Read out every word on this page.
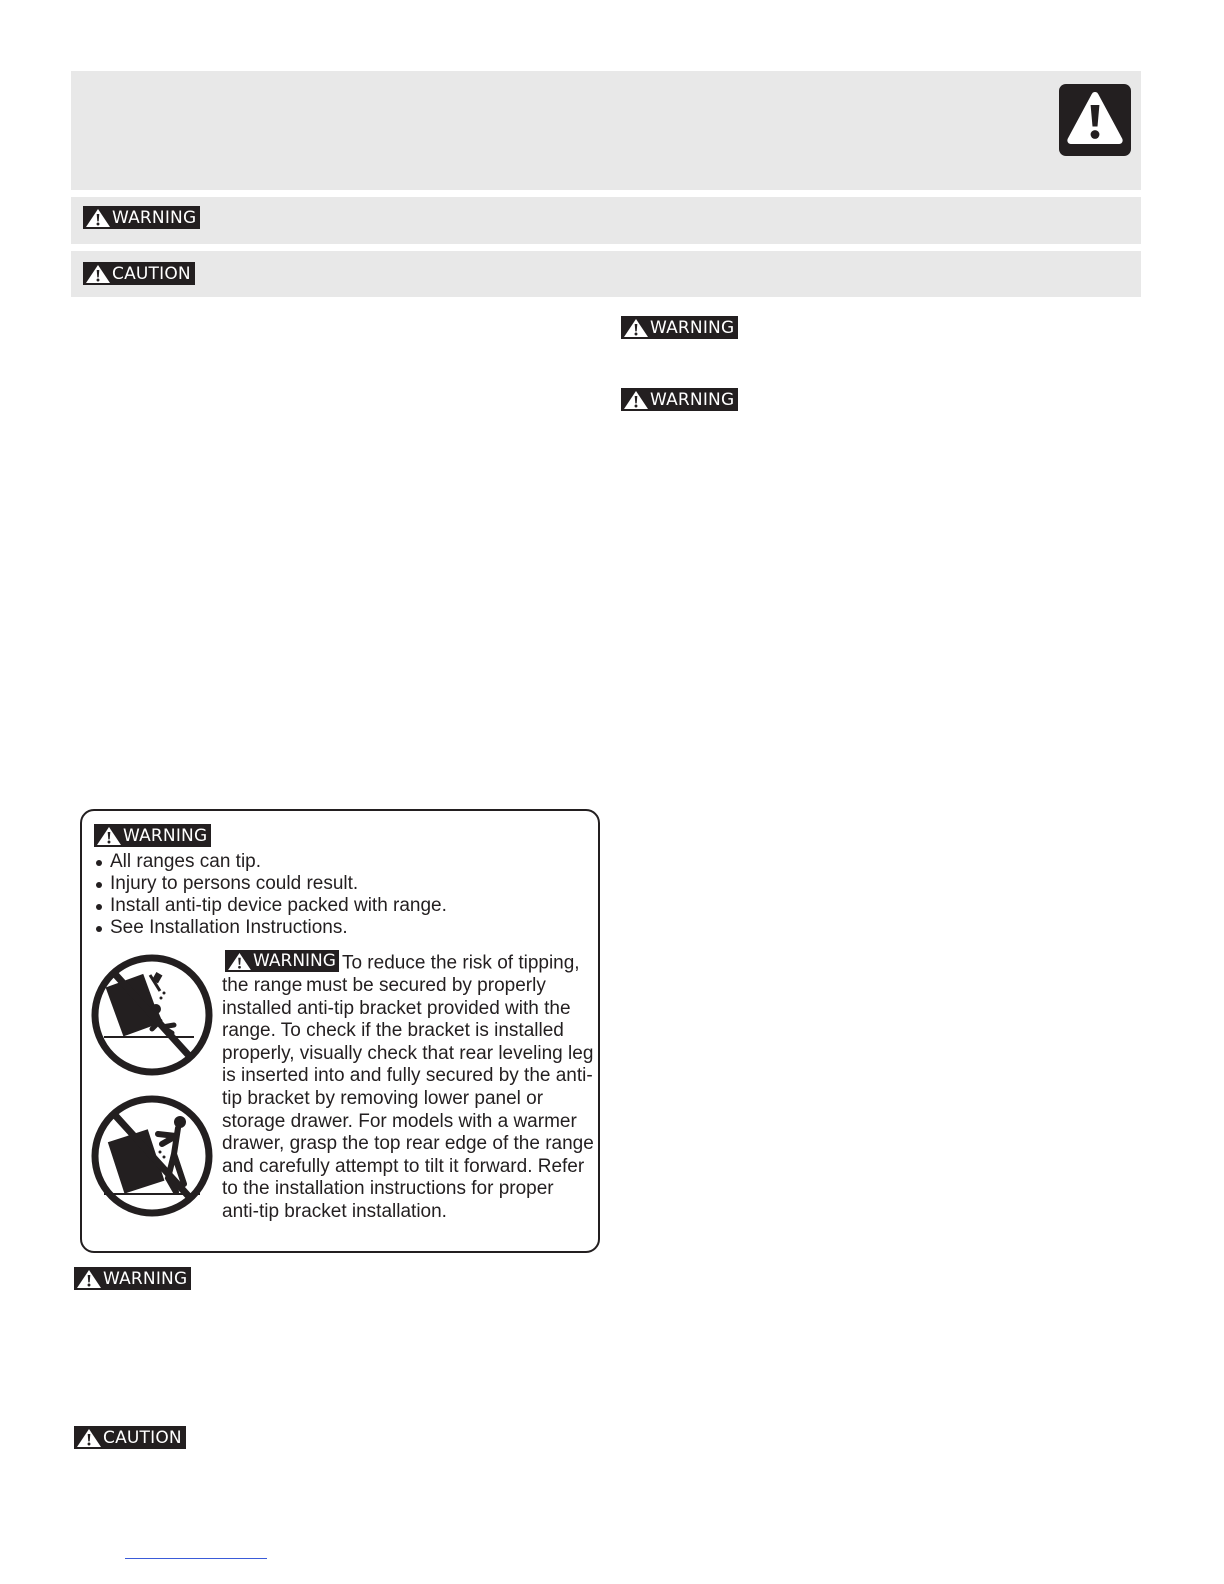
WARNING
CAUTION
WARNING
WARNING
WARNING
All ranges can tip.
Injury to persons could result.
Install anti-tip device packed with range.
See Installation Instructions.

WARNING To reduce the risk of tipping, the range must be secured by properly installed anti-tip bracket provided with the range. To check if the bracket is installed properly, visually check that rear leveling leg is inserted into and fully secured by the anti-tip bracket by removing lower panel or storage drawer. For models with a warmer drawer, grasp the top rear edge of the range and carefully attempt to tilt it forward. Refer to the installation instructions for proper anti-tip bracket installation.

WARNING
CAUTION
